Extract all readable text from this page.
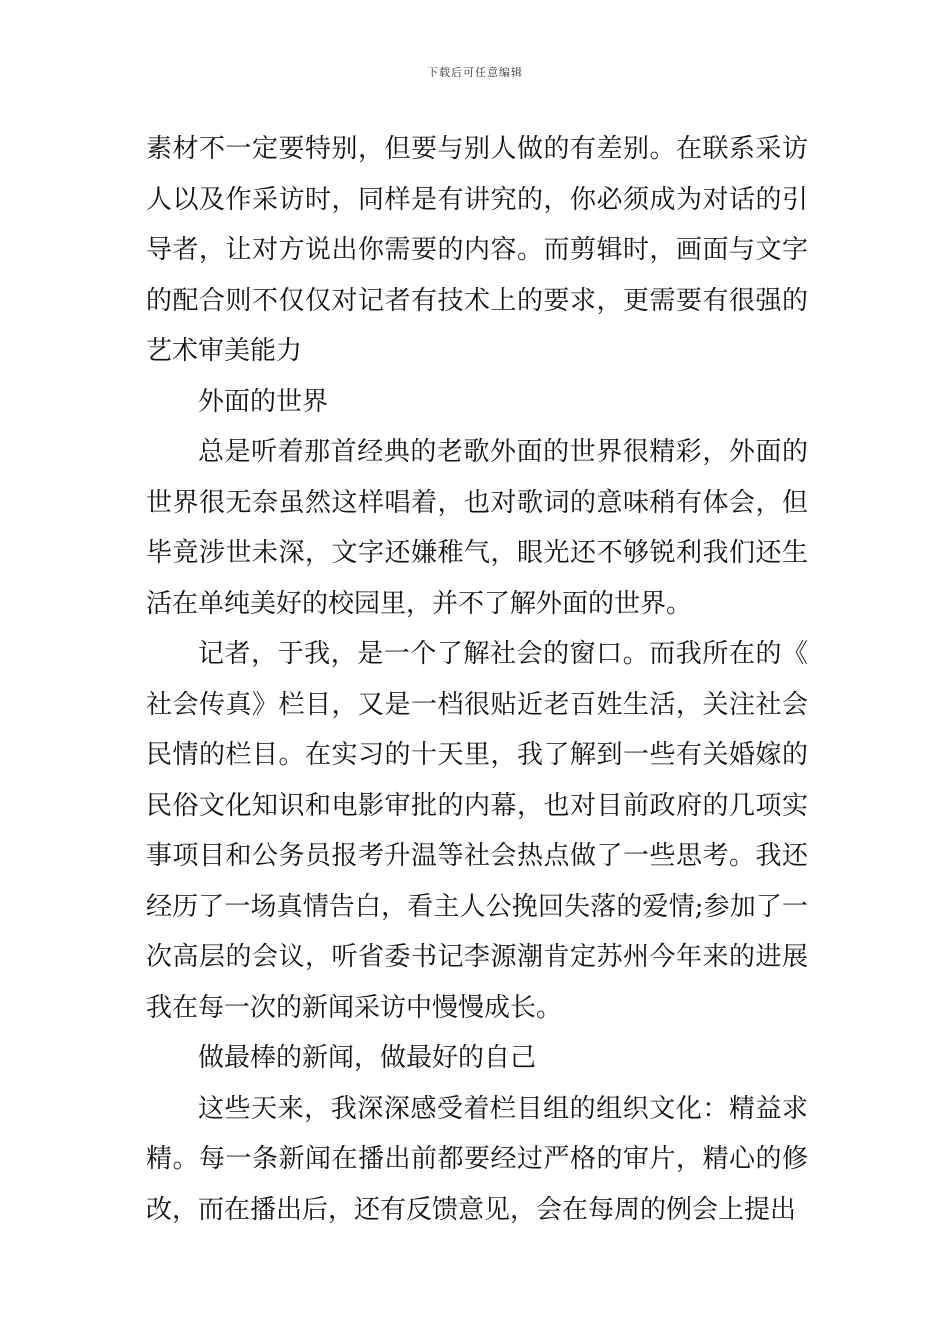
下载后可任意编辑

素材不一定要特别，但要与别人做的有差别。在联系采访人以及作采访时，同样是有讲究的，你必须成为对话的引导者，让对方说出你需要的内容。而剪辑时，画面与文字的配合则不仅仅对记者有技术上的要求，更需要有很强的艺术审美能力

外面的世界

总是听着那首经典的老歌外面的世界很精彩，外面的世界很无奈虽然这样唱着，也对歌词的意味稍有体会，但毕竟涉世未深，文字还嫌稚气，眼光还不够锐利我们还生活在单纯美好的校园里，并不了解外面的世界。

记者，于我，是一个了解社会的窗口。而我所在的《社会传真》栏目，又是一档很贴近老百姓生活，关注社会民情的栏目。在实习的十天里，我了解到一些有关婚嫁的民俗文化知识和电影审批的内幕，也对目前政府的几项实事项目和公务员报考升温等社会热点做了一些思考。我还经历了一场真情告白，看主人公挽回失落的爱情;参加了一次高层的会议，听省委书记李源潮肯定苏州今年来的进展我在每一次的新闻采访中慢慢成长。

做最棒的新闻，做最好的自己

这些天来，我深深感受着栏目组的组织文化：精益求精。每一条新闻在播出前都要经过严格的审片，精心的修改，而在播出后，还有反馈意见，会在每周的例会上提出
